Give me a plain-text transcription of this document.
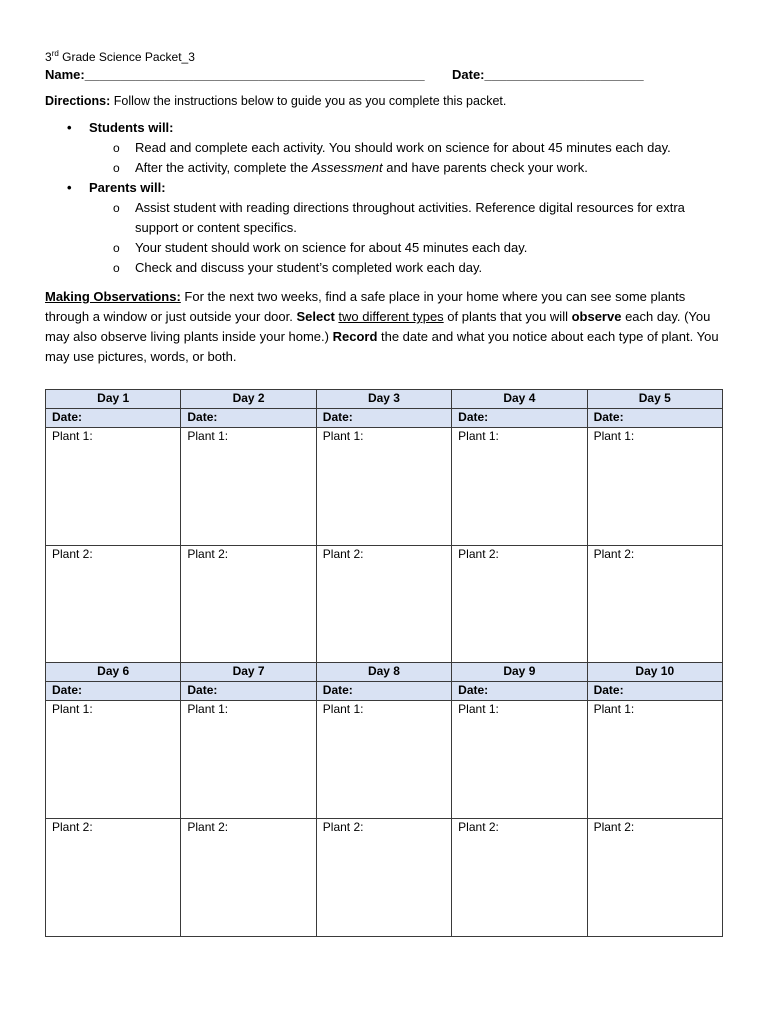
3rd Grade Science Packet_3
Name:_______________________________________________ Date:______________________
Directions: Follow the instructions below to guide you as you complete this packet.
• Students will:
o Read and complete each activity. You should work on science for about 45 minutes each day.
o After the activity, complete the Assessment and have parents check your work.
• Parents will:
o Assist student with reading directions throughout activities. Reference digital resources for extra support or content specifics.
o Your student should work on science for about 45 minutes each day.
o Check and discuss your student’s completed work each day.
Making Observations: For the next two weeks, find a safe place in your home where you can see some plants through a window or just outside your door. Select two different types of plants that you will observe each day. (You may also observe living plants inside your home.) Record the date and what you notice about each type of plant. You may use pictures, words, or both.
Day 1	Day 2	Day 3	Day 4	Day 5
Date:	Date:	Date:	Date:	Date:
Plant 1:	Plant 1:	Plant 1:	Plant 1:	Plant 1:
Plant 2:	Plant 2:	Plant 2:	Plant 2:	Plant 2:
Day 6	Day 7	Day 8	Day 9	Day 10
Date:	Date:	Date:	Date:	Date:
Plant 1:	Plant 1:	Plant 1:	Plant 1:	Plant 1:
Plant 2:	Plant 2:	Plant 2:	Plant 2:	Plant 2:
